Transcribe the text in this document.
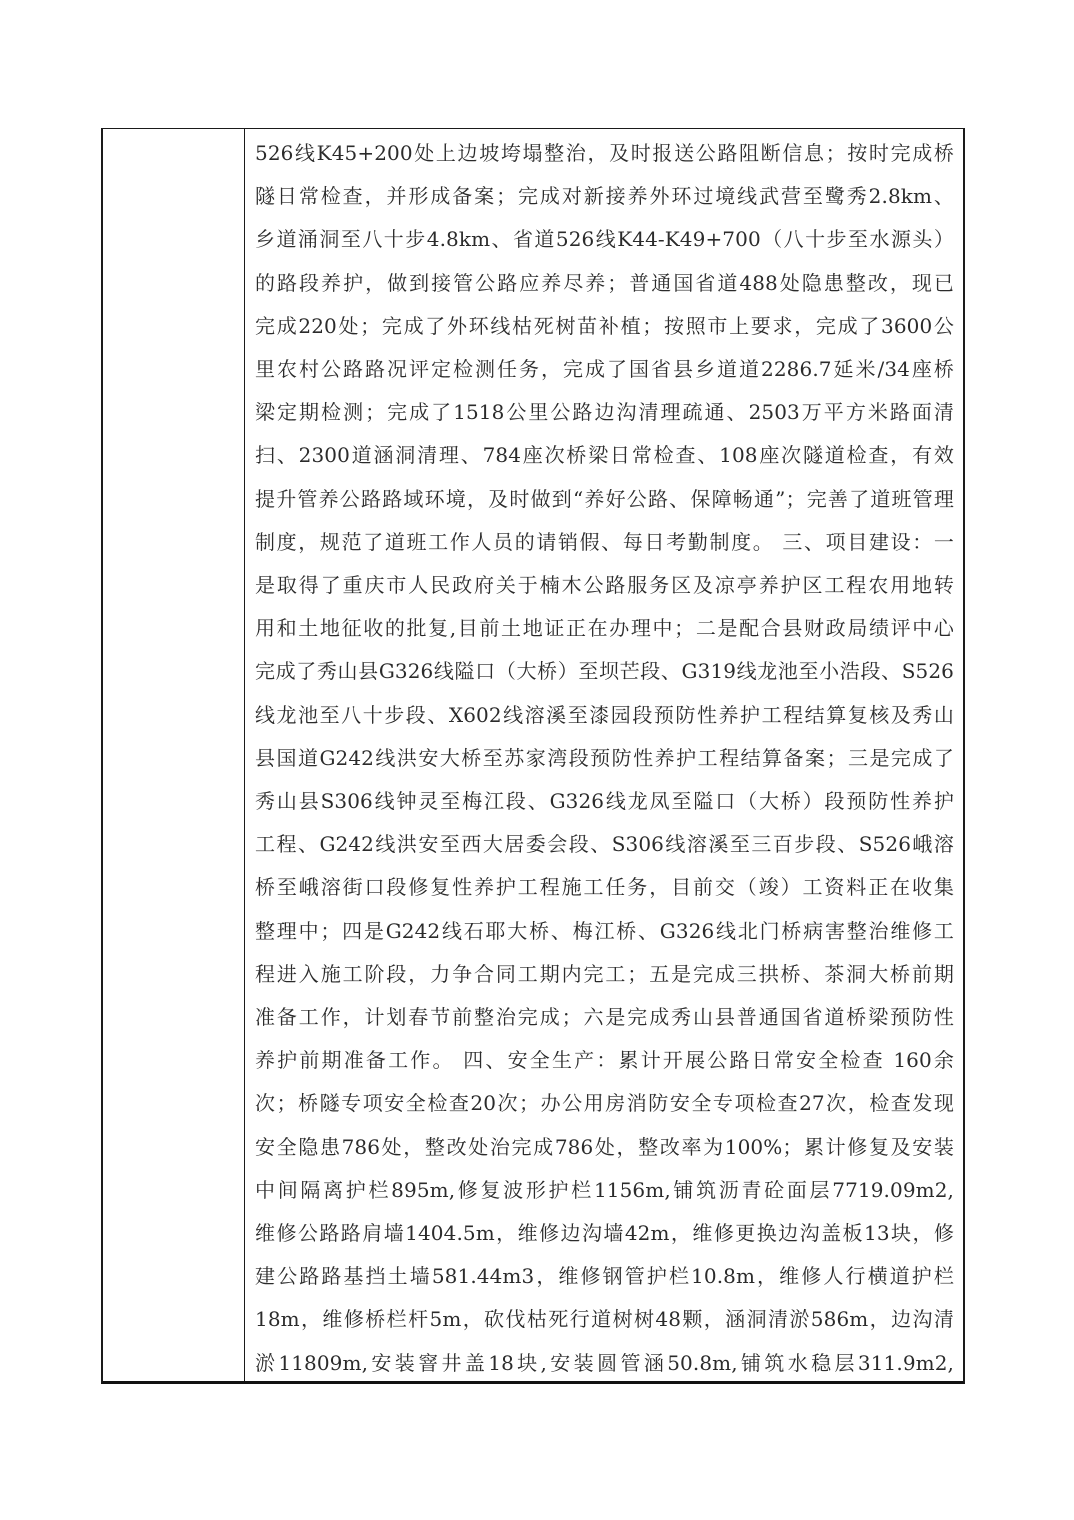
526线K45+200处上边坡垮塌整治，及时报送公路阻断信息；按时完成桥
隧日常检查，并形成备案；完成对新接养外环过境线武营至鹭秀2.8km、
乡道涌洞至八十步4.8km、省道526线K44-K49+700（八十步至水源头）
的路段养护，做到接管公路应养尽养；普通国省道488处隐患整改，现已
完成220处；完成了外环线枯死树苗补植；按照市上要求，完成了3600公
里农村公路路况评定检测任务，完成了国省县乡道道2286.7延米/34座桥
梁定期检测；完成了1518公里公路边沟清理疏通、2503万平方米路面清
扫、2300道涵洞清理、784座次桥梁日常检查、108座次隧道检查，有效
提升管养公路路域环境，及时做到“养好公路、保障畅通”；完善了道班管理
制度，规范了道班工作人员的请销假、每日考勤制度。 三、项目建设：一
是取得了重庆市人民政府关于楠木公路服务区及凉亭养护区工程农用地转
用和土地征收的批复,目前土地证正在办理中；二是配合县财政局绩评中心
完成了秀山县G326线隘口（大桥）至坝芒段、G319线龙池至小浩段、S526
线龙池至八十步段、X602线溶溪至漆园段预防性养护工程结算复核及秀山
县国道G242线洪安大桥至苏家湾段预防性养护工程结算备案；三是完成了
秀山县S306线钟灵至梅江段、G326线龙凤至隘口（大桥）段预防性养护
工程、G242线洪安至西大居委会段、S306线溶溪至三百步段、S526峨溶
桥至峨溶街口段修复性养护工程施工任务，目前交（竣）工资料正在收集
整理中；四是G242线石耶大桥、梅江桥、G326线北门桥病害整治维修工
程进入施工阶段，力争合同工期内完工；五是完成三拱桥、茶洞大桥前期
准备工作，计划春节前整治完成；六是完成秀山县普通国省道桥梁预防性
养护前期准备工作。 四、安全生产：累计开展公路日常安全检查 160余
次；桥隧专项安全检查20次；办公用房消防安全专项检查27次，检查发现
安全隐患786处，整改处治完成786处，整改率为100%；累计修复及安装
中间隔离护栏895m,修复波形护栏1156m,铺筑沥青砼面层7719.09m2,
维修公路路肩墙1404.5m，维修边沟墙42m，维修更换边沟盖板13块，修
建公路路基挡土墙581.44m3，维修钢管护栏10.8m，维修人行横道护栏
18m，维修桥栏杆5m，砍伐枯死行道树树48颗，涵洞清淤586m，边沟清
淤11809m,安装窨井盖18块,安装圆管涵50.8m,铺筑水稳层311.9m2,
